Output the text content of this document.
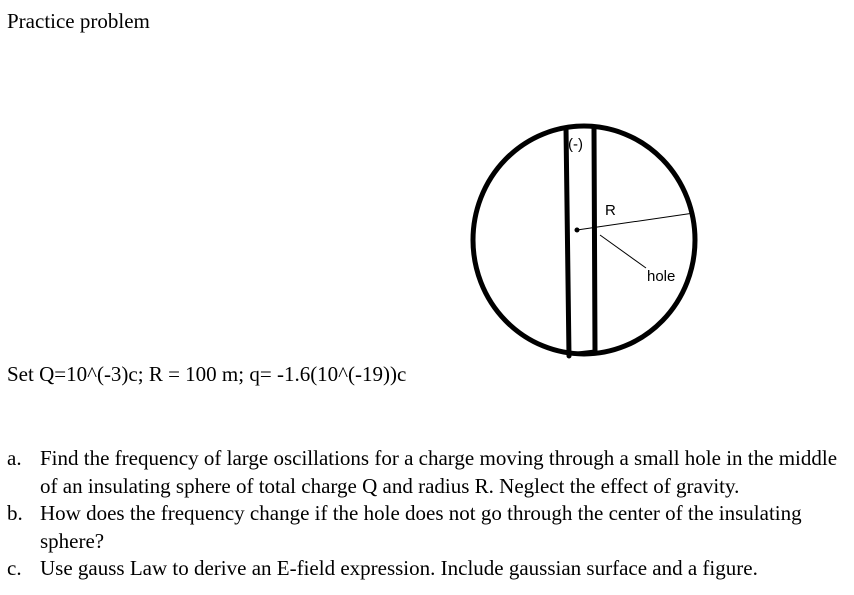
Practice problem
(-)
R
hole
Set Q=10^(-3)c; R = 100 m; q= -1.6(10^(-19))c
a. Find the frequency of large oscillations for a charge moving through a small hole in the middle of an insulating sphere of total charge Q and radius R. Neglect the effect of gravity.
b. How does the frequency change if the hole does not go through the center of the insulating sphere?
c. Use gauss Law to derive an E-field expression. Include gaussian surface and a figure.
